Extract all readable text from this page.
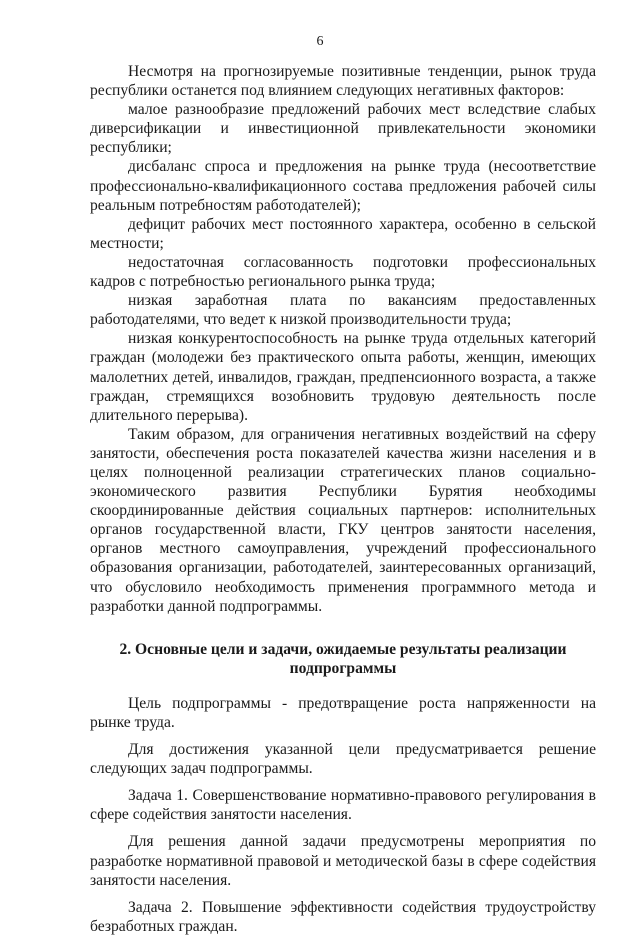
6

Несмотря на прогнозируемые позитивные тенденции, рынок труда республики останется под влиянием следующих негативных факторов:

малое разнообразие предложений рабочих мест вследствие слабых диверсификации и инвестиционной привлекательности экономики республики;

дисбаланс спроса и предложения на рынке труда (несоответствие профессионально-квалификационного состава предложения рабочей силы реальным потребностям работодателей);

дефицит рабочих мест постоянного характера, особенно в сельской местности;

недостаточная согласованность подготовки профессиональных кадров с потребностью регионального рынка труда;

низкая заработная плата по вакансиям предоставленных работодателями, что ведет к низкой производительности труда;

низкая конкурентоспособность на рынке труда отдельных категорий граждан (молодежи без практического опыта работы, женщин, имеющих малолетних детей, инвалидов, граждан, предпенсионного возраста, а также граждан, стремящихся возобновить трудовую деятельность после длительного перерыва).

Таким образом, для ограничения негативных воздействий на сферу занятости, обеспечения роста показателей качества жизни населения и в целях полноценной реализации стратегических планов социально-экономического развития Республики Бурятия необходимы скоординированные действия социальных партнеров: исполнительных органов государственной власти, ГКУ центров занятости населения, органов местного самоуправления, учреждений профессионального образования организации, работодателей, заинтересованных организаций, что обусловило необходимость применения программного метода и разработки данной подпрограммы.

2. Основные цели и задачи, ожидаемые результаты реализации
подпрограммы

Цель подпрограммы - предотвращение роста напряженности на рынке труда.

Для достижения указанной цели предусматривается решение следующих задач подпрограммы.

Задача 1. Совершенствование нормативно-правового регулирования в сфере содействия занятости населения.

Для решения данной задачи предусмотрены мероприятия по разработке нормативной правовой и методической базы в сфере содействия занятости населения.

Задача 2. Повышение эффективности содействия трудоустройству безработных граждан.
